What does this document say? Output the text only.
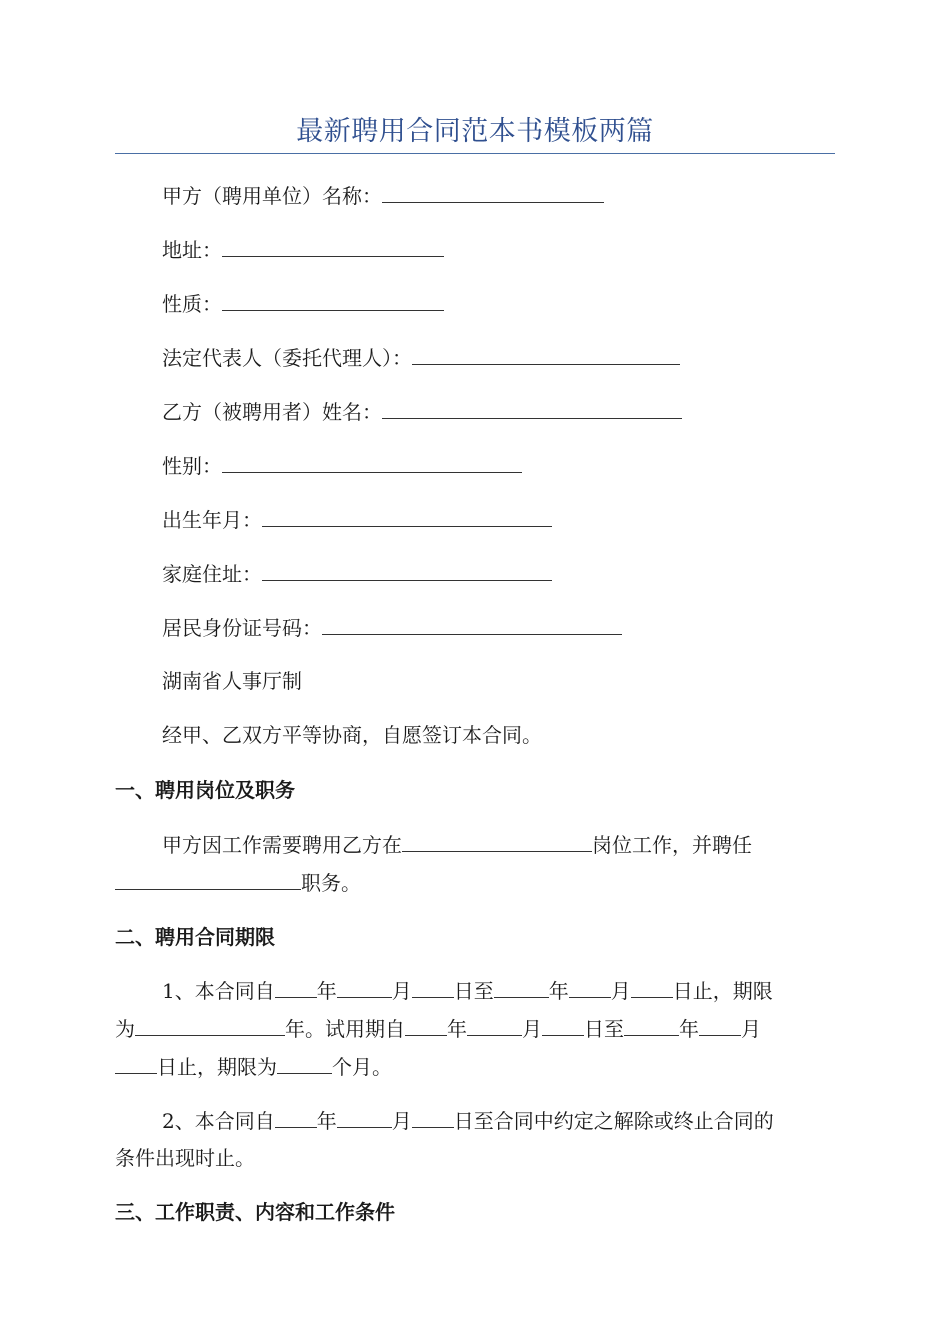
最新聘用合同范本书模板两篇
甲方（聘用单位）名称：
地址：
性质：
法定代表人（委托代理人）：
乙方（被聘用者）姓名：
性别：
出生年月：
家庭住址：
居民身份证号码：
湖南省人事厅制
经甲、乙双方平等协商，自愿签订本合同。
一、聘用岗位及职务
甲方因工作需要聘用乙方在	岗位工作，并聘任
职务。
二、聘用合同期限
1、本合同自 年	月 日至	年 月 日止，期限
为	年。试用期自 年	月 日至	年 月
日止，期限为	个月。
2、本合同自 年	月 日至合同中约定之解除或终止合同的
条件出现时止。
三、工作职责、内容和工作条件
